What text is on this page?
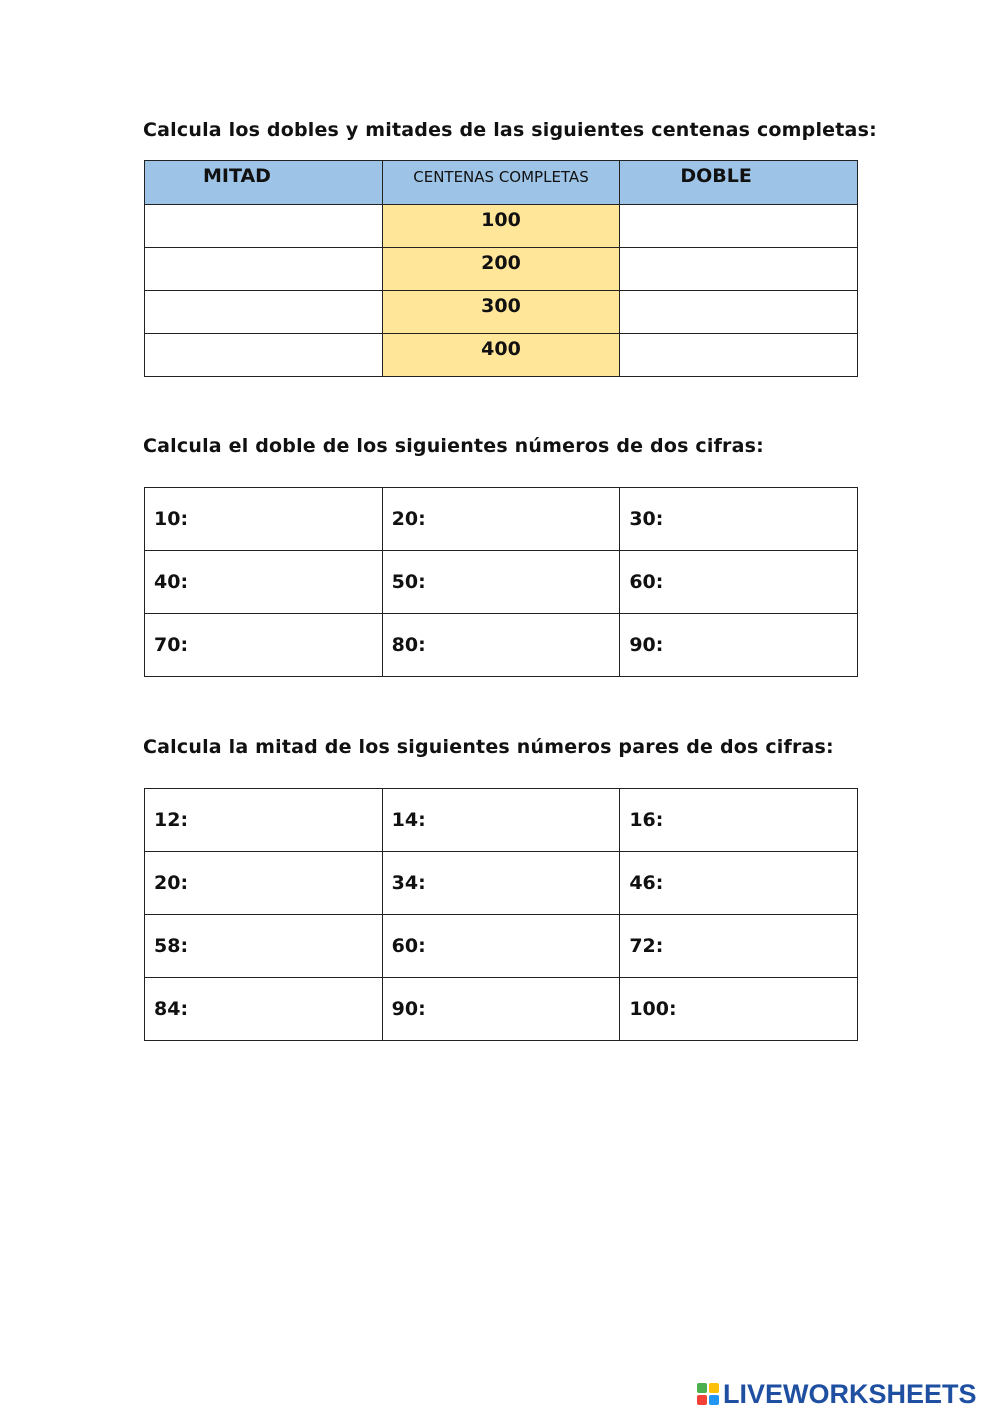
Calcula los dobles y mitades de las siguientes centenas completas:

MITAD	CENTENAS COMPLETAS	DOBLE

	100	

	200	

	300	

	400	

Calcula el doble de los siguientes números de dos cifras:

10:	20:	30:
40:	50:	60:
70:	80:	90:

Calcula la mitad de los siguientes números pares de dos cifras:

12:	14:	16:
20:	34:	46:
58:	60:	72:
84:	90:	100:
LIVEWORKSHEETS
